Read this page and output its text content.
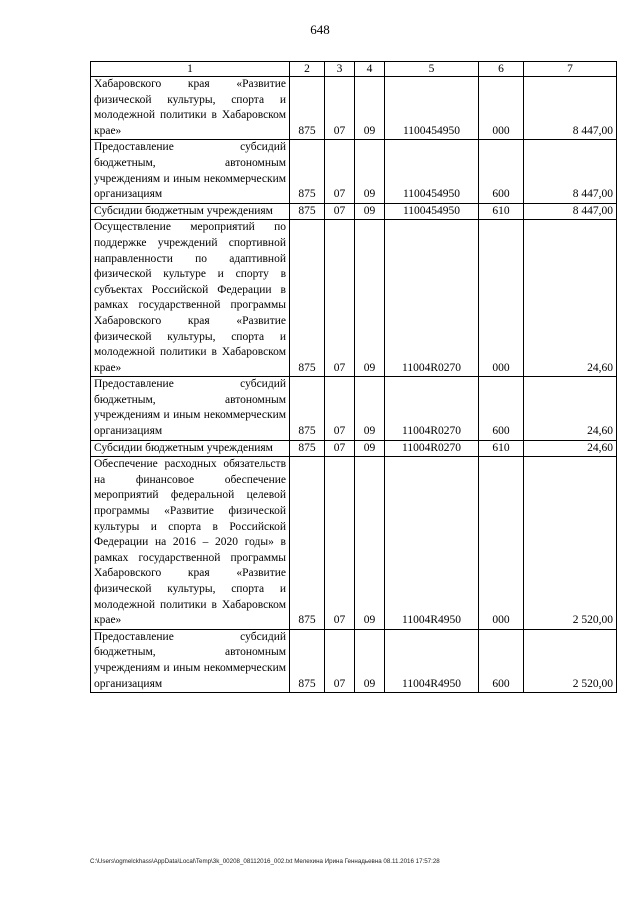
648
1	2	3	4	5	6	7
Хабаровского края «Развитие физической культуры, спорта и молодежной политики в Хабаровском крае»	875	07	09	1100454950	000	8 447,00
Предоставление субсидий бюджетным, автономным учреждениям и иным некоммерческим организациям	875	07	09	1100454950	600	8 447,00
Субсидии бюджетным учреждениям	875	07	09	1100454950	610	8 447,00
Осуществление мероприятий по поддержке учреждений спортивной направленности по адаптивной физической культуре и спорту в субъектах Российской Федерации в рамках государственной программы Хабаровского края «Развитие физической культуры, спорта и молодежной политики в Хабаровском крае»	875	07	09	11004R0270	000	24,60
Предоставление субсидий бюджетным, автономным учреждениям и иным некоммерческим организациям	875	07	09	11004R0270	600	24,60
Субсидии бюджетным учреждениям	875	07	09	11004R0270	610	24,60
Обеспечение расходных обязательств на финансовое обеспечение мероприятий федеральной целевой программы «Развитие физической культуры и спорта в Российской Федерации на 2016 – 2020 годы» в рамках государственной программы Хабаровского края «Развитие физической культуры, спорта и молодежной политики в Хабаровском крае»	875	07	09	11004R4950	000	2 520,00
Предоставление субсидий бюджетным, автономным учреждениям и иным некоммерческим организациям	875	07	09	11004R4950	600	2 520,00
C:\Users\ogmelckhass\AppData\Local\Temp\3k_00208_08112016_002.txt Мелехина Ирина Геннадьевна 08.11.2016 17:57:28
